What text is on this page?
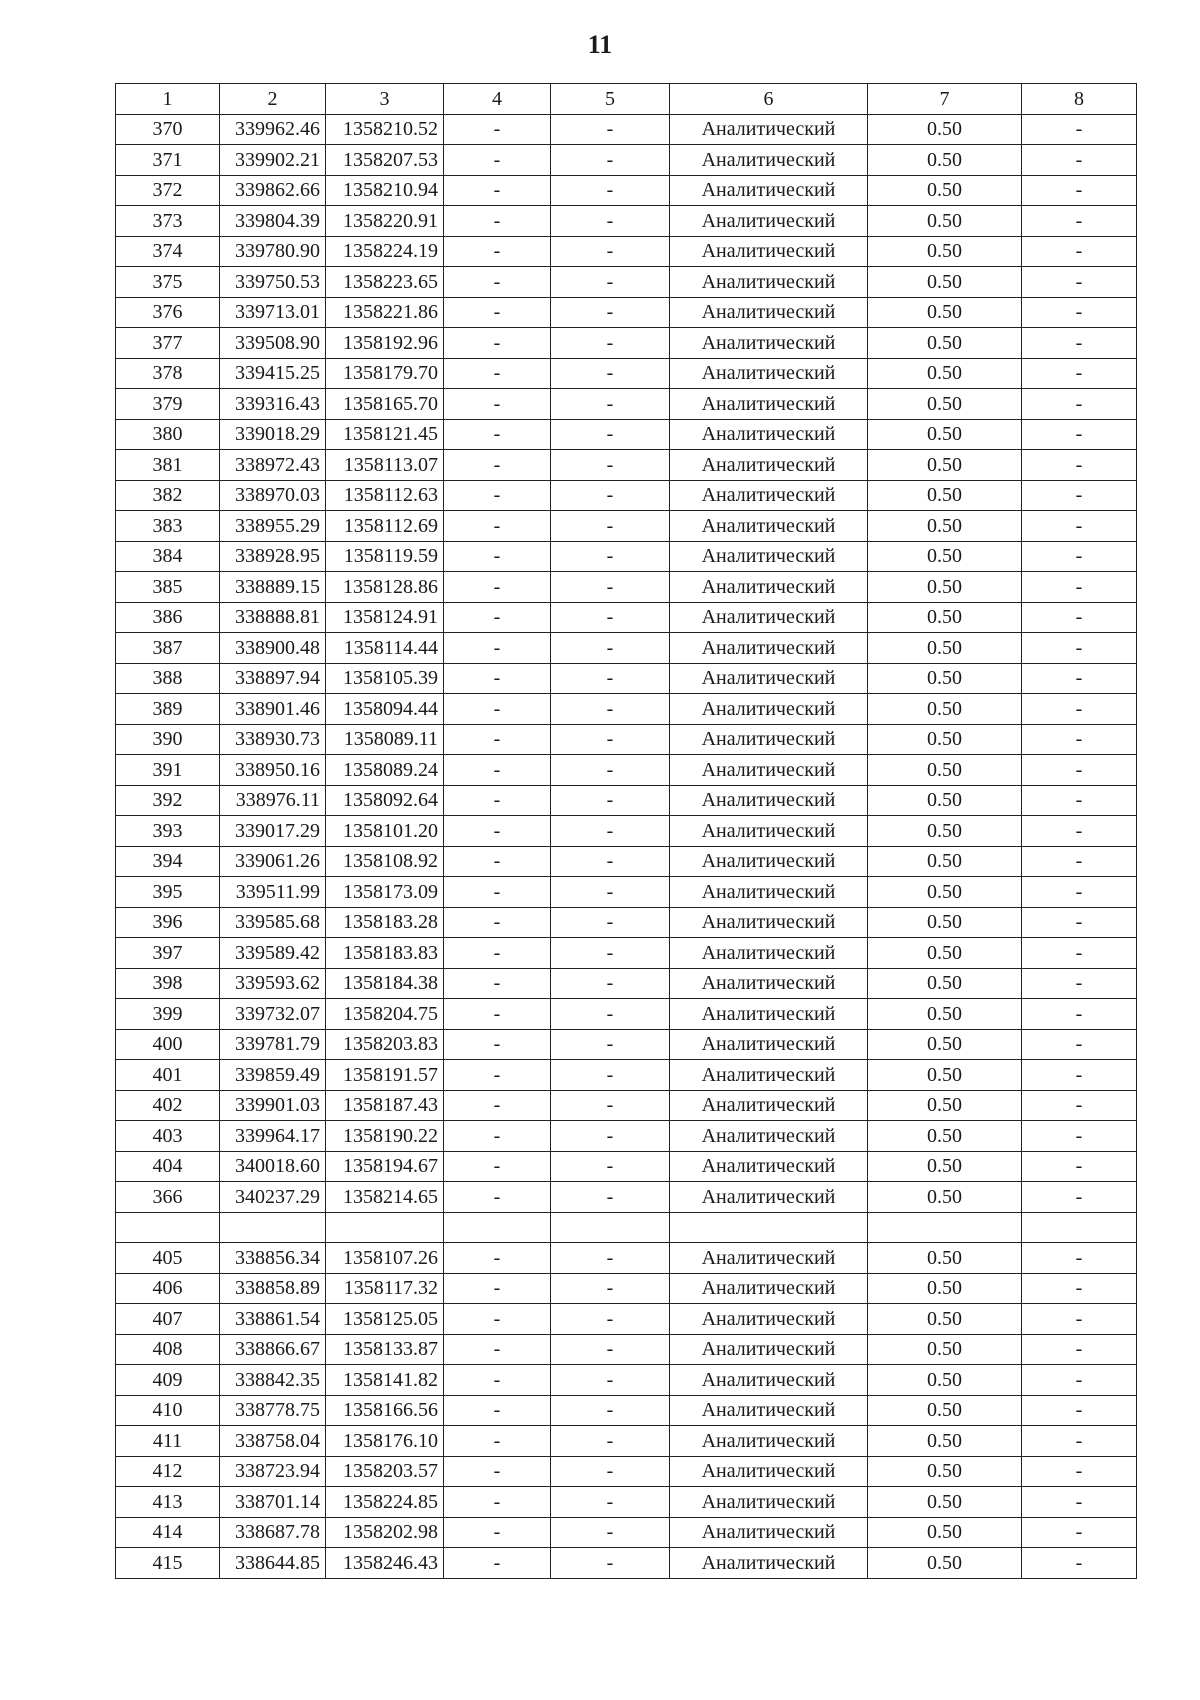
11
1	2	3	4	5	6	7	8
370	339962.46	1358210.52	-	-	Аналитический	0.50	-
371	339902.21	1358207.53	-	-	Аналитический	0.50	-
372	339862.66	1358210.94	-	-	Аналитический	0.50	-
373	339804.39	1358220.91	-	-	Аналитический	0.50	-
374	339780.90	1358224.19	-	-	Аналитический	0.50	-
375	339750.53	1358223.65	-	-	Аналитический	0.50	-
376	339713.01	1358221.86	-	-	Аналитический	0.50	-
377	339508.90	1358192.96	-	-	Аналитический	0.50	-
378	339415.25	1358179.70	-	-	Аналитический	0.50	-
379	339316.43	1358165.70	-	-	Аналитический	0.50	-
380	339018.29	1358121.45	-	-	Аналитический	0.50	-
381	338972.43	1358113.07	-	-	Аналитический	0.50	-
382	338970.03	1358112.63	-	-	Аналитический	0.50	-
383	338955.29	1358112.69	-	-	Аналитический	0.50	-
384	338928.95	1358119.59	-	-	Аналитический	0.50	-
385	338889.15	1358128.86	-	-	Аналитический	0.50	-
386	338888.81	1358124.91	-	-	Аналитический	0.50	-
387	338900.48	1358114.44	-	-	Аналитический	0.50	-
388	338897.94	1358105.39	-	-	Аналитический	0.50	-
389	338901.46	1358094.44	-	-	Аналитический	0.50	-
390	338930.73	1358089.11	-	-	Аналитический	0.50	-
391	338950.16	1358089.24	-	-	Аналитический	0.50	-
392	338976.11	1358092.64	-	-	Аналитический	0.50	-
393	339017.29	1358101.20	-	-	Аналитический	0.50	-
394	339061.26	1358108.92	-	-	Аналитический	0.50	-
395	339511.99	1358173.09	-	-	Аналитический	0.50	-
396	339585.68	1358183.28	-	-	Аналитический	0.50	-
397	339589.42	1358183.83	-	-	Аналитический	0.50	-
398	339593.62	1358184.38	-	-	Аналитический	0.50	-
399	339732.07	1358204.75	-	-	Аналитический	0.50	-
400	339781.79	1358203.83	-	-	Аналитический	0.50	-
401	339859.49	1358191.57	-	-	Аналитический	0.50	-
402	339901.03	1358187.43	-	-	Аналитический	0.50	-
403	339964.17	1358190.22	-	-	Аналитический	0.50	-
404	340018.60	1358194.67	-	-	Аналитический	0.50	-
366	340237.29	1358214.65	-	-	Аналитический	0.50	-

405	338856.34	1358107.26	-	-	Аналитический	0.50	-
406	338858.89	1358117.32	-	-	Аналитический	0.50	-
407	338861.54	1358125.05	-	-	Аналитический	0.50	-
408	338866.67	1358133.87	-	-	Аналитический	0.50	-
409	338842.35	1358141.82	-	-	Аналитический	0.50	-
410	338778.75	1358166.56	-	-	Аналитический	0.50	-
411	338758.04	1358176.10	-	-	Аналитический	0.50	-
412	338723.94	1358203.57	-	-	Аналитический	0.50	-
413	338701.14	1358224.85	-	-	Аналитический	0.50	-
414	338687.78	1358202.98	-	-	Аналитический	0.50	-
415	338644.85	1358246.43	-	-	Аналитический	0.50	-
